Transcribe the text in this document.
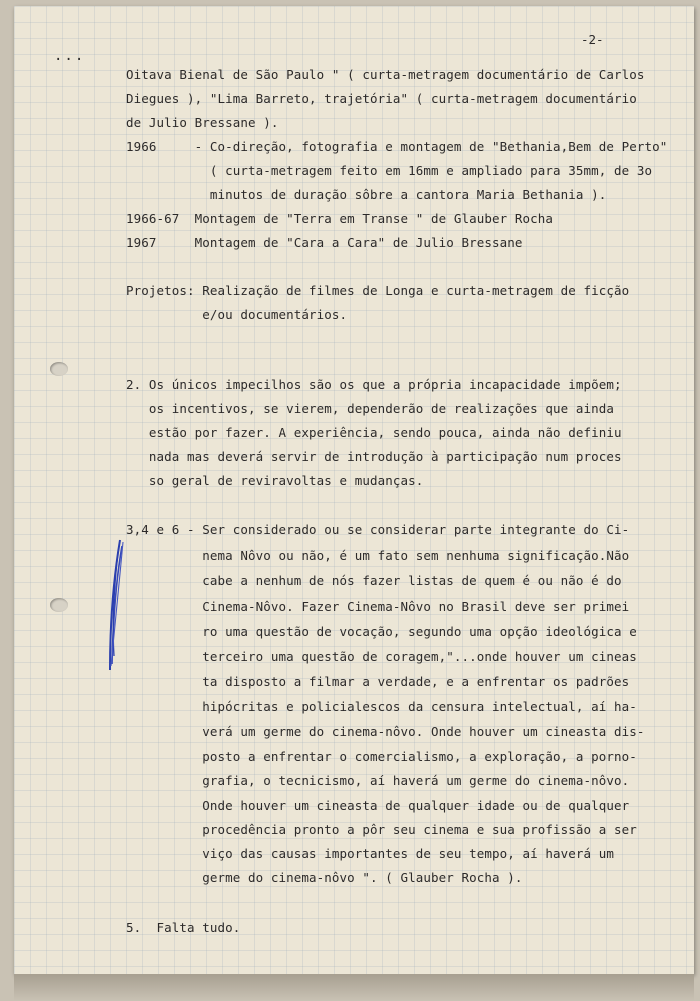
-2-
...
Oitava Bienal de São Paulo " ( curta-metragem documentário de Carlos
Diegues ), "Lima Barreto, trajetória" ( curta-metragem documentário
de Julio Bressane ).
1966     - Co-direção, fotografia e montagem de "Bethania,Bem de Perto"
( curta-metragem feito em 16mm e ampliado para 35mm, de 3o
minutos de duração sôbre a cantora Maria Bethania ).
1966-67  Montagem de "Terra em Transe " de Glauber Rocha
1967     Montagem de "Cara a Cara" de Julio Bressane
Projetos: Realização de filmes de Longa e curta-metragem de ficção
e/ou documentários.
2. Os únicos impecilhos são os que a própria incapacidade impõem;
os incentivos, se vierem, dependerão de realizações que ainda
estão por fazer. A experiência, sendo pouca, ainda não definiu
nada mas deverá servir de introdução à participação num proces
so geral de reviravoltas e mudanças.
3,4 e 6 - Ser considerado ou se considerar parte integrante do Ci-
nema Nôvo ou não, é um fato sem nenhuma significação.Não
cabe a nenhum de nós fazer listas de quem é ou não é do
Cinema-Nôvo. Fazer Cinema-Nôvo no Brasil deve ser primei
ro uma questão de vocação, segundo uma opção ideológica e
terceiro uma questão de coragem,"...onde houver um cineas
ta disposto a filmar a verdade, e a enfrentar os padrões
hipócritas e policialescos da censura intelectual, aí ha-
verá um germe do cinema-nôvo. Onde houver um cineasta dis-
posto a enfrentar o comercialismo, a exploração, a porno-
grafia, o tecnicismo, aí haverá um germe do cinema-nôvo.
Onde houver um cineasta de qualquer idade ou de qualquer
procedência pronto a pôr seu cinema e sua profissão a ser
viço das causas importantes de seu tempo, aí haverá um
germe do cinema-nôvo ". ( Glauber Rocha ).
5.  Falta tudo.
